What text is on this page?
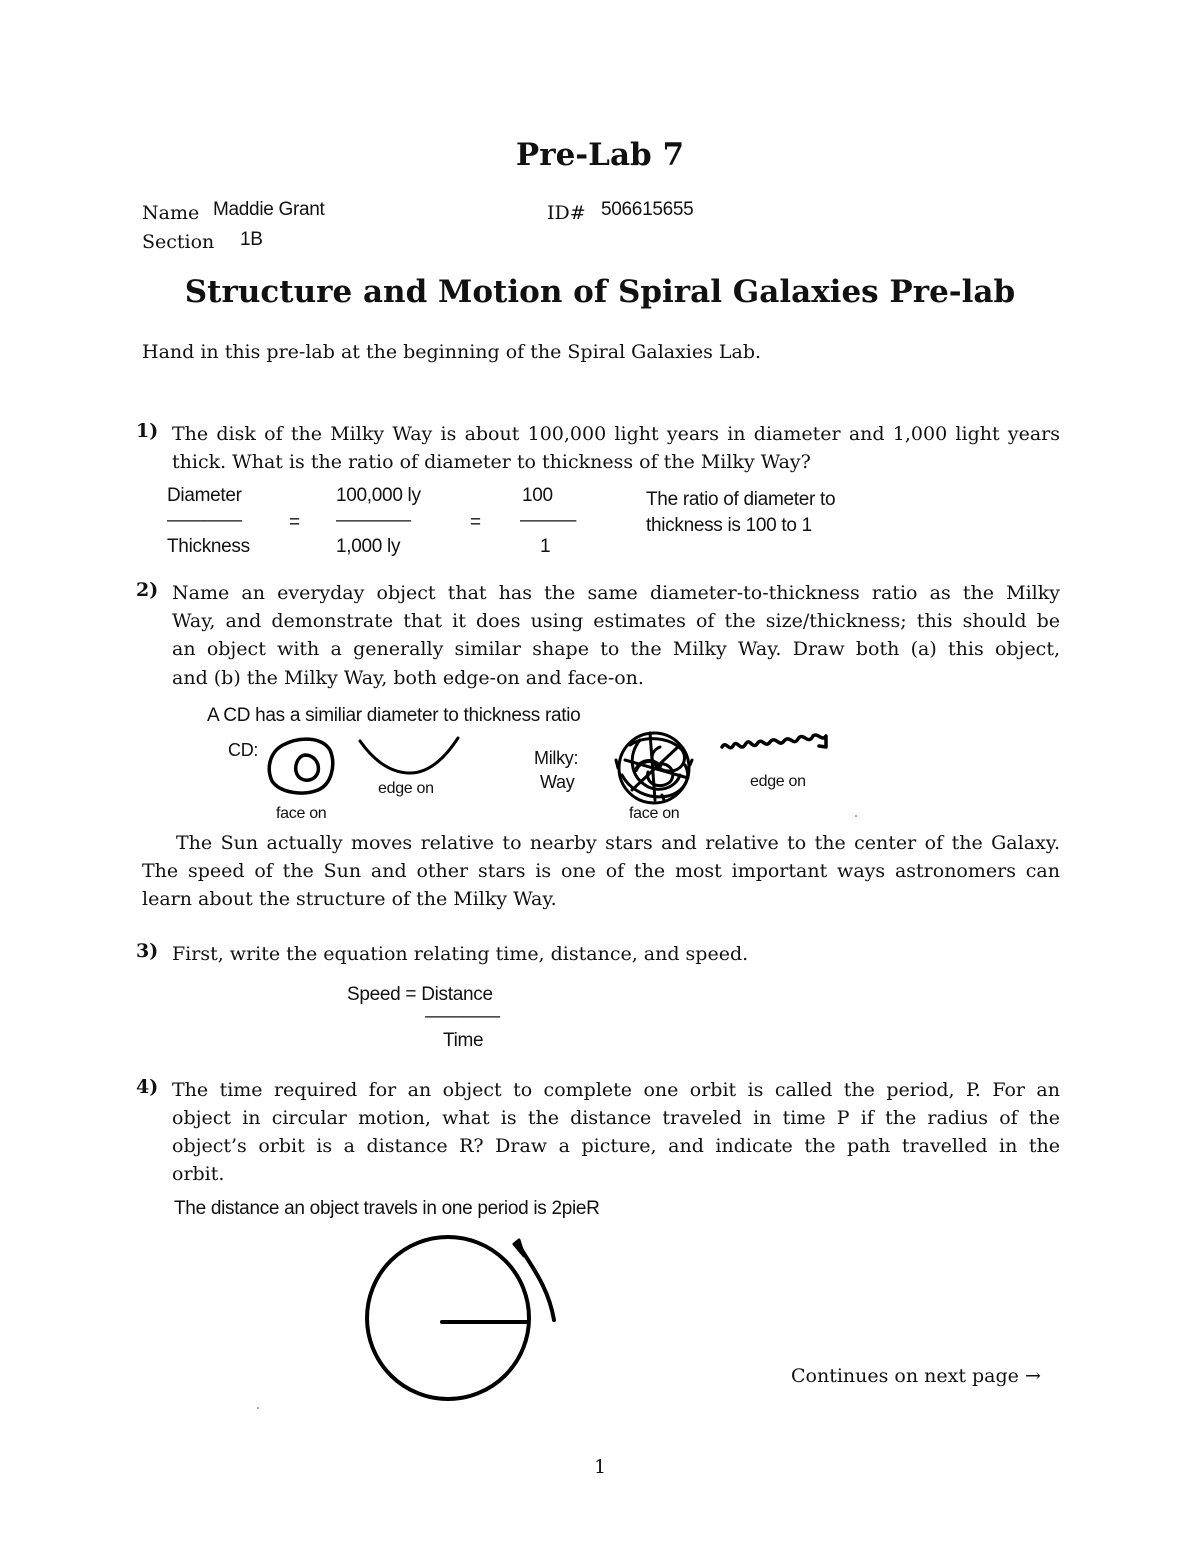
Pre-Lab 7
Name Maddie Grant	ID# 506615655
Section 1B
Structure and Motion of Spiral Galaxies Pre-lab
Hand in this pre-lab at the beginning of the Spiral Galaxies Lab.
1) The disk of the Milky Way is about 100,000 light years in diameter and 1,000 light years
thick. What is the ratio of diameter to thickness of the Milky Way?
Diameter	100,000 ly	100
———— = ————	= ———
Thickness	1,000 ly	1
The ratio of diameter to
thickness is 100 to 1
2) Name an everyday object that has the same diameter-to-thickness ratio as the Milky
Way, and demonstrate that it does using estimates of the size/thickness; this should be
an object with a generally similar shape to the Milky Way. Draw both (a) this object,
and (b) the Milky Way, both edge-on and face-on.
A CD has a similiar diameter to thickness ratio
CD:
face on
edge on
Milky:
Way
face on
edge on
The Sun actually moves relative to nearby stars and relative to the center of the Galaxy.
The speed of the Sun and other stars is one of the most important ways astronomers can
learn about the structure of the Milky Way.
3) First, write the equation relating time, distance, and speed.
Speed = Distance
————
Time
4) The time required for an object to complete one orbit is called the period, P. For an
object in circular motion, what is the distance traveled in time P if the radius of the
object’s orbit is a distance R? Draw a picture, and indicate the path travelled in the
orbit.
The distance an object travels in one period is 2pieR
Continues on next page →
1
